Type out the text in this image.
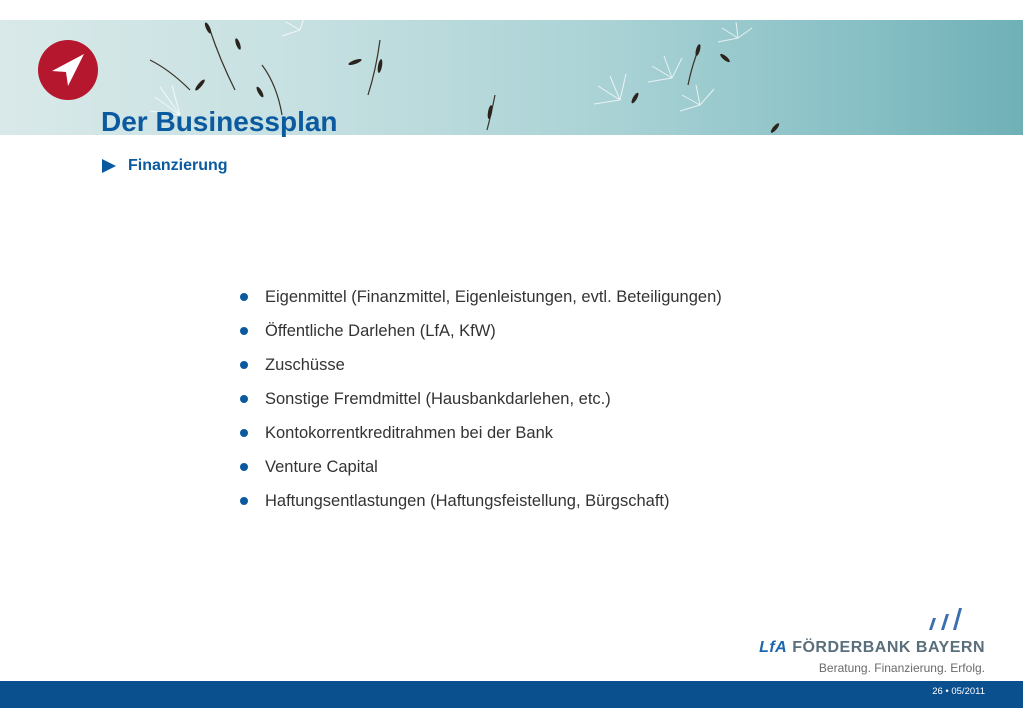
Der Businessplan
Finanzierung
Eigenmittel (Finanzmittel, Eigenleistungen, evtl. Beteiligungen)
Öffentliche Darlehen (LfA, KfW)
Zuschüsse
Sonstige Fremdmittel (Hausbankdarlehen, etc.)
Kontokorrentkreditrahmen bei der Bank
Venture Capital
Haftungsentlastungen (Haftungsfeistellung, Bürgschaft)
LfA FÖRDERBANK BAYERN
Beratung. Finanzierung. Erfolg.
26 • 05/2011
